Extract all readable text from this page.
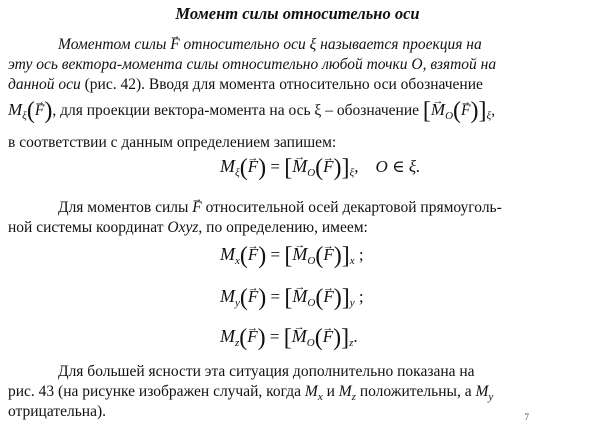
Момент силы относительно оси
Моментом силы → F относительно оси ξ называется проекция на
эту ось вектора-момента силы относительно любой точки O, взятой на
данной оси (рис. 42). Вводя для момента относительно оси обозначение
$M_\xi(\to F)$, для проекции вектора-момента на ось ξ – обозначение [→ $M_O(\to F)]_\xi$,
в соответствии с данным определением запишем:
$M_\xi(\to F)$ = [→ $M_O(\to F)]_\xi$,    O ∈ ξ.
Для моментов силы → F относительной осей декартовой прямоуголь-
ной системы координат Oxyz, по определению, имеем:
$M_x(\to F)$ = [→ $M_O(\to F)]_x$ ;
$M_y(\to F)$ = [→ $M_O(\to F)]_y$ ;
$M_z(\to F)$ = [→ $M_O(\to F)]_z$.
Для большей ясности эта ситуация дополнительно показана на
рис. 43 (на рисунке изображен случай, когда $M_x$ и $M_z$ положительны, а $M_y$
отрицательна).	7
